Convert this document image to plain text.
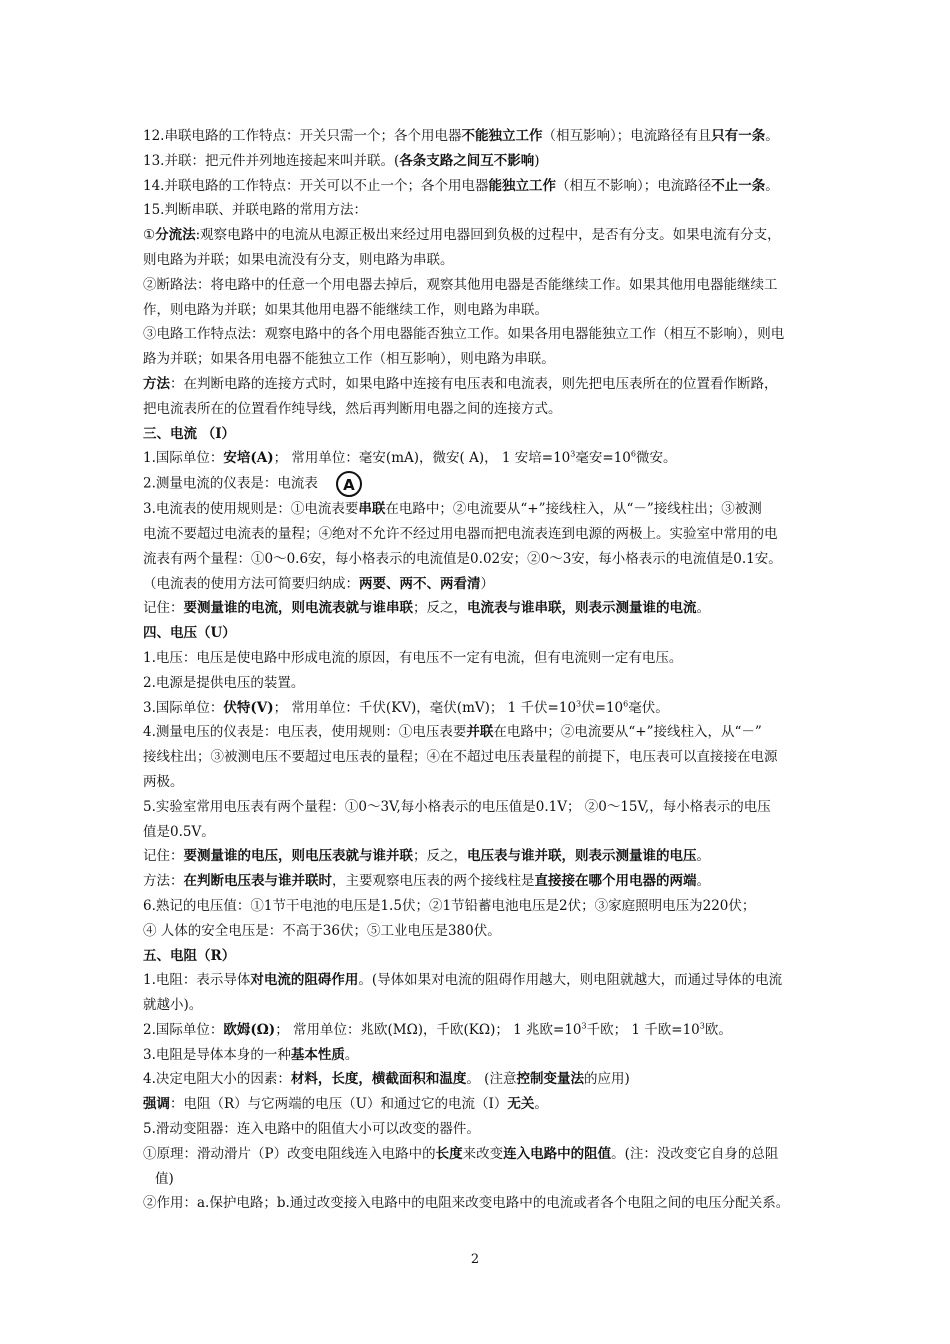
12.串联电路的工作特点：开关只需一个；各个用电器不能独立工作（相互影响）；电流路径有且只有一条。
13.并联：把元件并列地连接起来叫并联。(各条支路之间互不影响)
14.并联电路的工作特点：开关可以不止一个；各个用电器能独立工作（相互不影响）；电流路径不止一条。
15.判断串联、并联电路的常用方法：
①分流法:观察电路中的电流从电源正极出来经过用电器回到负极的过程中，是否有分支。如果电流有分支，
则电路为并联；如果电流没有分支，则电路为串联。
②断路法：将电路中的任意一个用电器去掉后，观察其他用电器是否能继续工作。如果其他用电器能继续工
作，则电路为并联；如果其他用电器不能继续工作，则电路为串联。
③电路工作特点法：观察电路中的各个用电器能否独立工作。如果各用电器能独立工作（相互不影响），则电
路为并联；如果各用电器不能独立工作（相互影响），则电路为串联。
方法：在判断电路的连接方式时，如果电路中连接有电压表和电流表，则先把电压表所在的位置看作断路，
把电流表所在的位置看作纯导线，然后再判断用电器之间的连接方式。
三、电流 （I）
1.国际单位：安培(A)； 常用单位：毫安(mA)，微安( A)， 1 安培$=10^3$毫安$=10^6$微安。
2.测量电流的仪表是：电流表 A
3.电流表的使用规则是：①电流表要串联在电路中；②电流要从“+”接线柱入，从“－”接线柱出；③被测
电流不要超过电流表的量程；④绝对不允许不经过用电器而把电流表连到电源的两极上。实验室中常用的电
流表有两个量程：①0～0.6安，每小格表示的电流值是0.02安；②0～3安，每小格表示的电流值是0.1安。
（电流表的使用方法可简要归纳成：两要、两不、两看清）
记住：要测量谁的电流，则电流表就与谁串联；反之，电流表与谁串联，则表示测量谁的电流。
四、电压（U）
1.电压：电压是使电路中形成电流的原因，有电压不一定有电流，但有电流则一定有电压。
2.电源是提供电压的装置。
3.国际单位：伏特(V)； 常用单位：千伏(KV)，毫伏(mV)； 1 千伏$=10^3$伏$=10^6$毫伏。
4.测量电压的仪表是：电压表，使用规则：①电压表要并联在电路中；②电流要从“+”接线柱入，从“－”
接线柱出；③被测电压不要超过电压表的量程；④在不超过电压表量程的前提下，电压表可以直接接在电源
两极。
5.实验室常用电压表有两个量程：①0～3V,每小格表示的电压值是0.1V； ②0～15V,，每小格表示的电压
值是0.5V。
记住：要测量谁的电压，则电压表就与谁并联；反之，电压表与谁并联，则表示测量谁的电压。
方法：在判断电压表与谁并联时，主要观察电压表的两个接线柱是直接接在哪个用电器的两端。
6.熟记的电压值：①1节干电池的电压是1.5伏；②1节铅蓄电池电压是2伏；③家庭照明电压为220伏；
④ 人体的安全电压是：不高于36伏；⑤工业电压是380伏。
五、电阻（R）
1.电阻：表示导体对电流的阻碍作用。(导体如果对电流的阻碍作用越大，则电阻就越大，而通过导体的电流
就越小)。
2.国际单位：欧姆(Ω)； 常用单位：兆欧(MΩ)，千欧(KΩ)； 1 兆欧$=10^3$千欧； 1 千欧$=10^3$欧。
3.电阻是导体本身的一种基本性质。
4.决定电阻大小的因素：材料，长度，横截面积和温度。 (注意控制变量法的应用)
强调：电阻（R）与它两端的电压（U）和通过它的电流（I）无关。
5.滑动变阻器：连入电路中的阻值大小可以改变的器件。
①原理：滑动滑片（P）改变电阻线连入电路中的长度来改变连入电路中的阻值。(注：没改变它自身的总阻
值)
②作用：a.保护电路；b.通过改变接入电路中的电阻来改变电路中的电流或者各个电阻之间的电压分配关系。
2
